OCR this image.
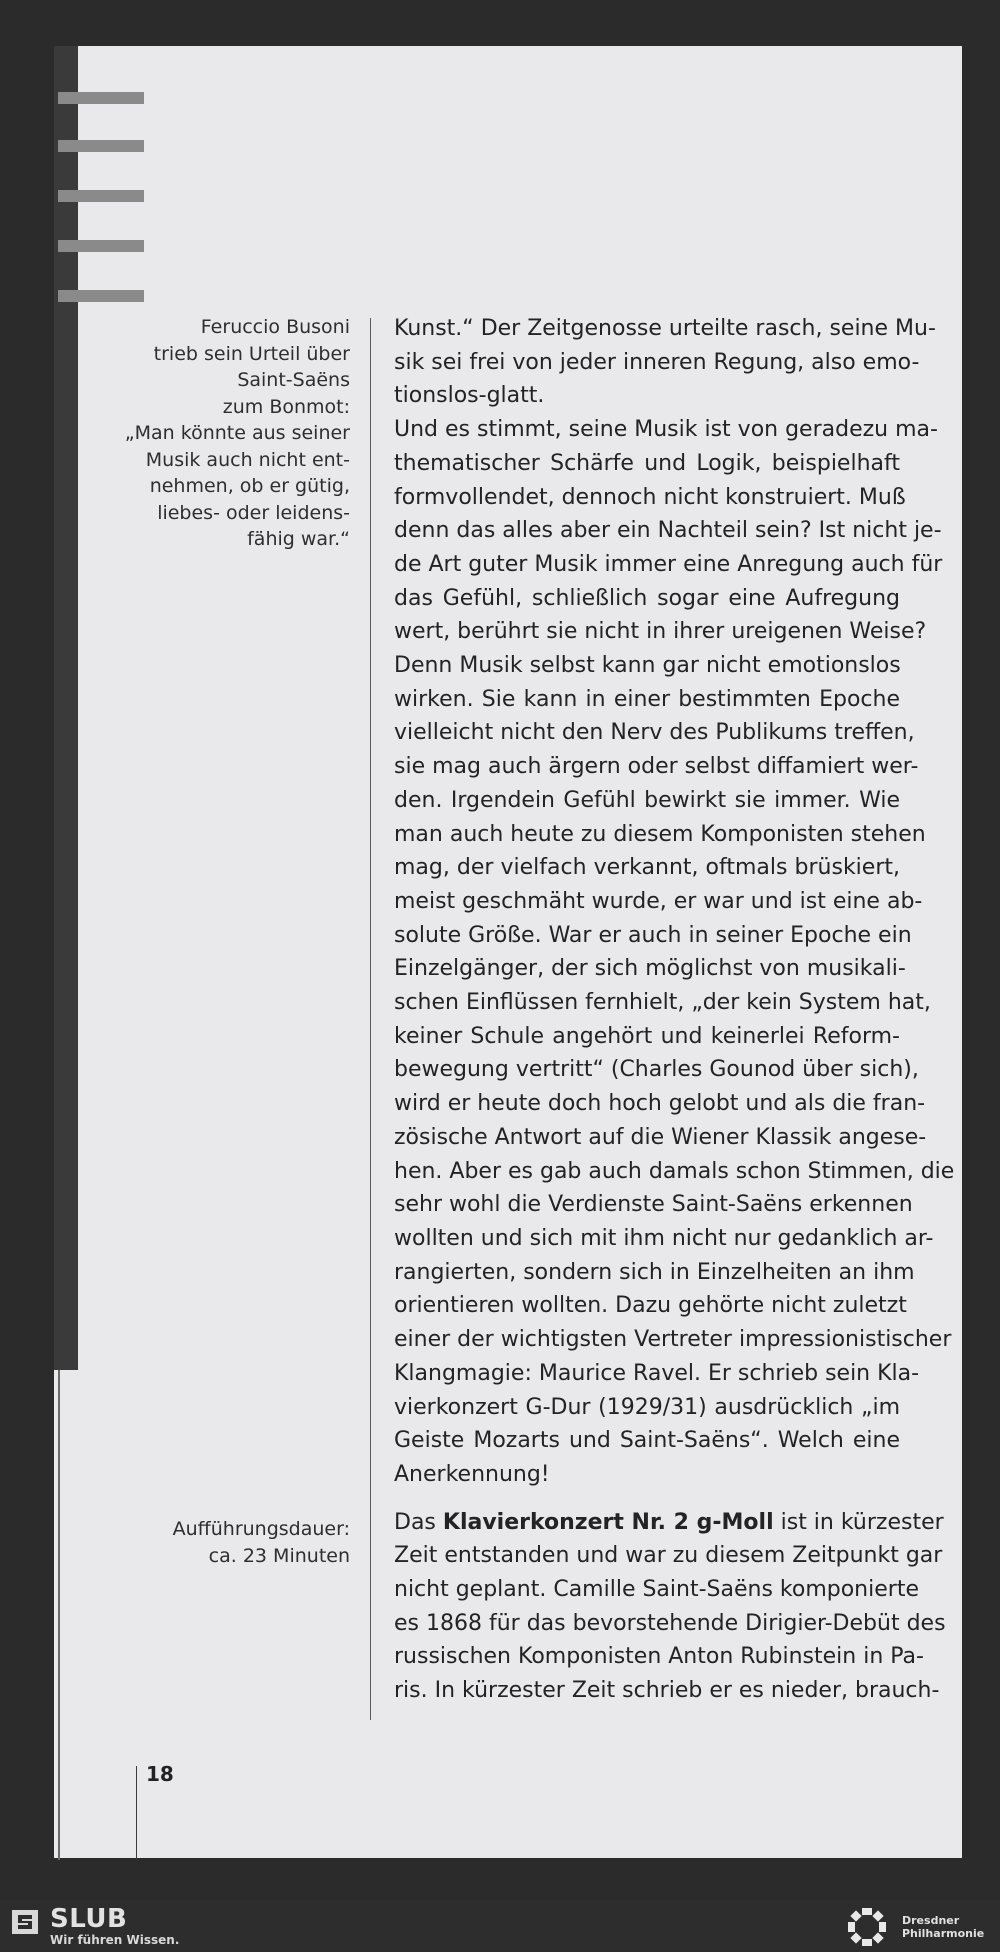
Feruccio Busoni
trieb sein Urteil über
Saint-Saëns
zum Bonmot:
„Man könnte aus seiner
Musik auch nicht ent-
nehmen, ob er gütig,
liebes- oder leidens-
fähig war.“
Aufführungsdauer:
ca. 23 Minuten
Kunst.“ Der Zeitgenosse urteilte rasch, seine Mu-
sik sei frei von jeder inneren Regung, also emo-
tionslos-glatt.
Und es stimmt, seine Musik ist von geradezu ma-
thematischer Schärfe und Logik, beispielhaft
formvollendet, dennoch nicht konstruiert. Muß
denn das alles aber ein Nachteil sein? Ist nicht je-
de Art guter Musik immer eine Anregung auch für
das Gefühl, schließlich sogar eine Aufregung
wert, berührt sie nicht in ihrer ureigenen Weise?
Denn Musik selbst kann gar nicht emotionslos
wirken. Sie kann in einer bestimmten Epoche
vielleicht nicht den Nerv des Publikums treffen,
sie mag auch ärgern oder selbst diffamiert wer-
den. Irgendein Gefühl bewirkt sie immer. Wie
man auch heute zu diesem Komponisten stehen
mag, der vielfach verkannt, oftmals brüskiert,
meist geschmäht wurde, er war und ist eine ab-
solute Größe. War er auch in seiner Epoche ein
Einzelgänger, der sich möglichst von musikali-
schen Einflüssen fernhielt, „der kein System hat,
keiner Schule angehört und keinerlei Reform-
bewegung vertritt“ (Charles Gounod über sich),
wird er heute doch hoch gelobt und als die fran-
zösische Antwort auf die Wiener Klassik angese-
hen. Aber es gab auch damals schon Stimmen, die
sehr wohl die Verdienste Saint-Saëns erkennen
wollten und sich mit ihm nicht nur gedanklich ar-
rangierten, sondern sich in Einzelheiten an ihm
orientieren wollten. Dazu gehörte nicht zuletzt
einer der wichtigsten Vertreter impressionistischer
Klangmagie: Maurice Ravel. Er schrieb sein Kla-
vierkonzert G-Dur (1929/31) ausdrücklich „im
Geiste Mozarts und Saint-Saëns“. Welch eine
Anerkennung!
Das Klavierkonzert Nr. 2 g-Moll ist in kürzester
Zeit entstanden und war zu diesem Zeitpunkt gar
nicht geplant. Camille Saint-Saëns komponierte
es 1868 für das bevorstehende Dirigier-Debüt des
russischen Komponisten Anton Rubinstein in Pa-
ris. In kürzester Zeit schrieb er es nieder, brauch-
18
SLUB
Wir führen Wissen.
Dresdner
Philharmonie
